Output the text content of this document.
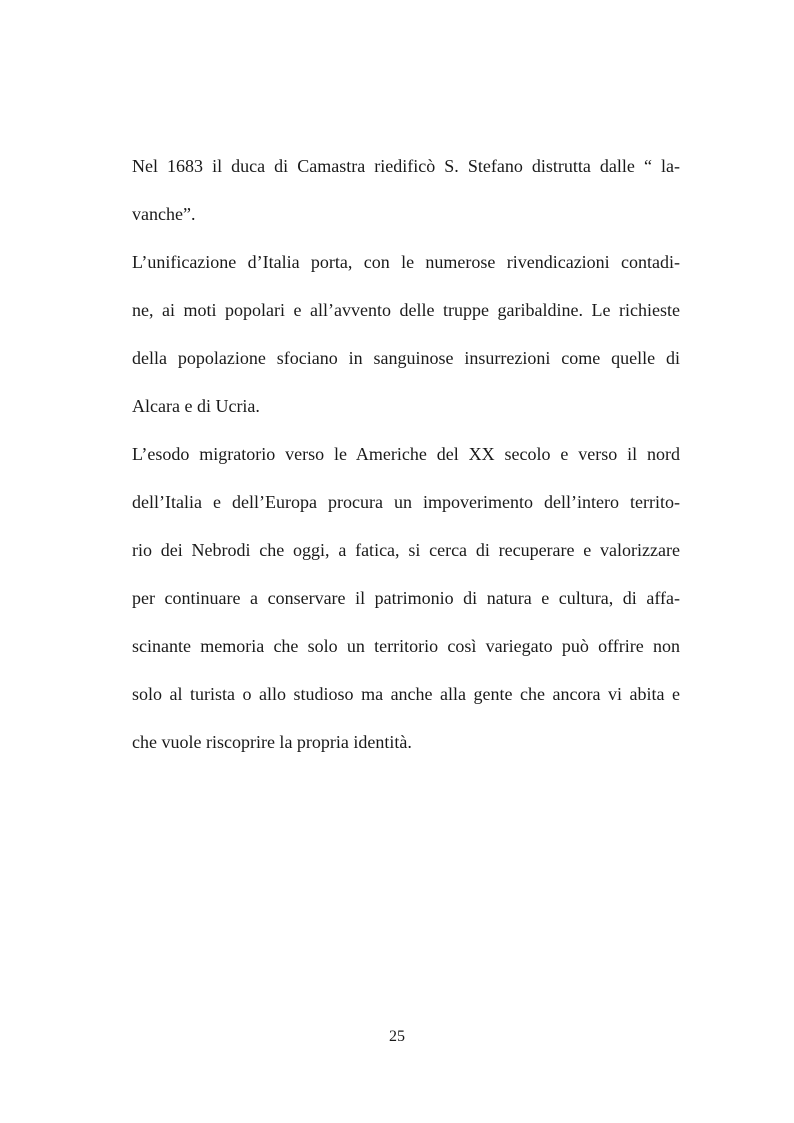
Nel 1683 il duca di Camastra riedificò S. Stefano distrutta dalle “ la-

vanche”.

L’unificazione d’Italia porta, con le numerose rivendicazioni contadi-

ne, ai moti popolari e all’avvento delle truppe garibaldine. Le richieste

della popolazione sfociano in sanguinose insurrezioni come quelle di

Alcara e di Ucria.

L’esodo migratorio verso le Americhe del XX secolo e verso il nord

dell’Italia e dell’Europa procura un impoverimento dell’intero territo-

rio dei Nebrodi che oggi, a fatica, si cerca di recuperare e valorizzare

per continuare a conservare il patrimonio di natura e cultura, di affa-

scinante memoria che solo un territorio così variegato può offrire non

solo al turista o allo studioso ma anche alla gente che ancora vi abita e

che vuole riscoprire la propria identità.

25
